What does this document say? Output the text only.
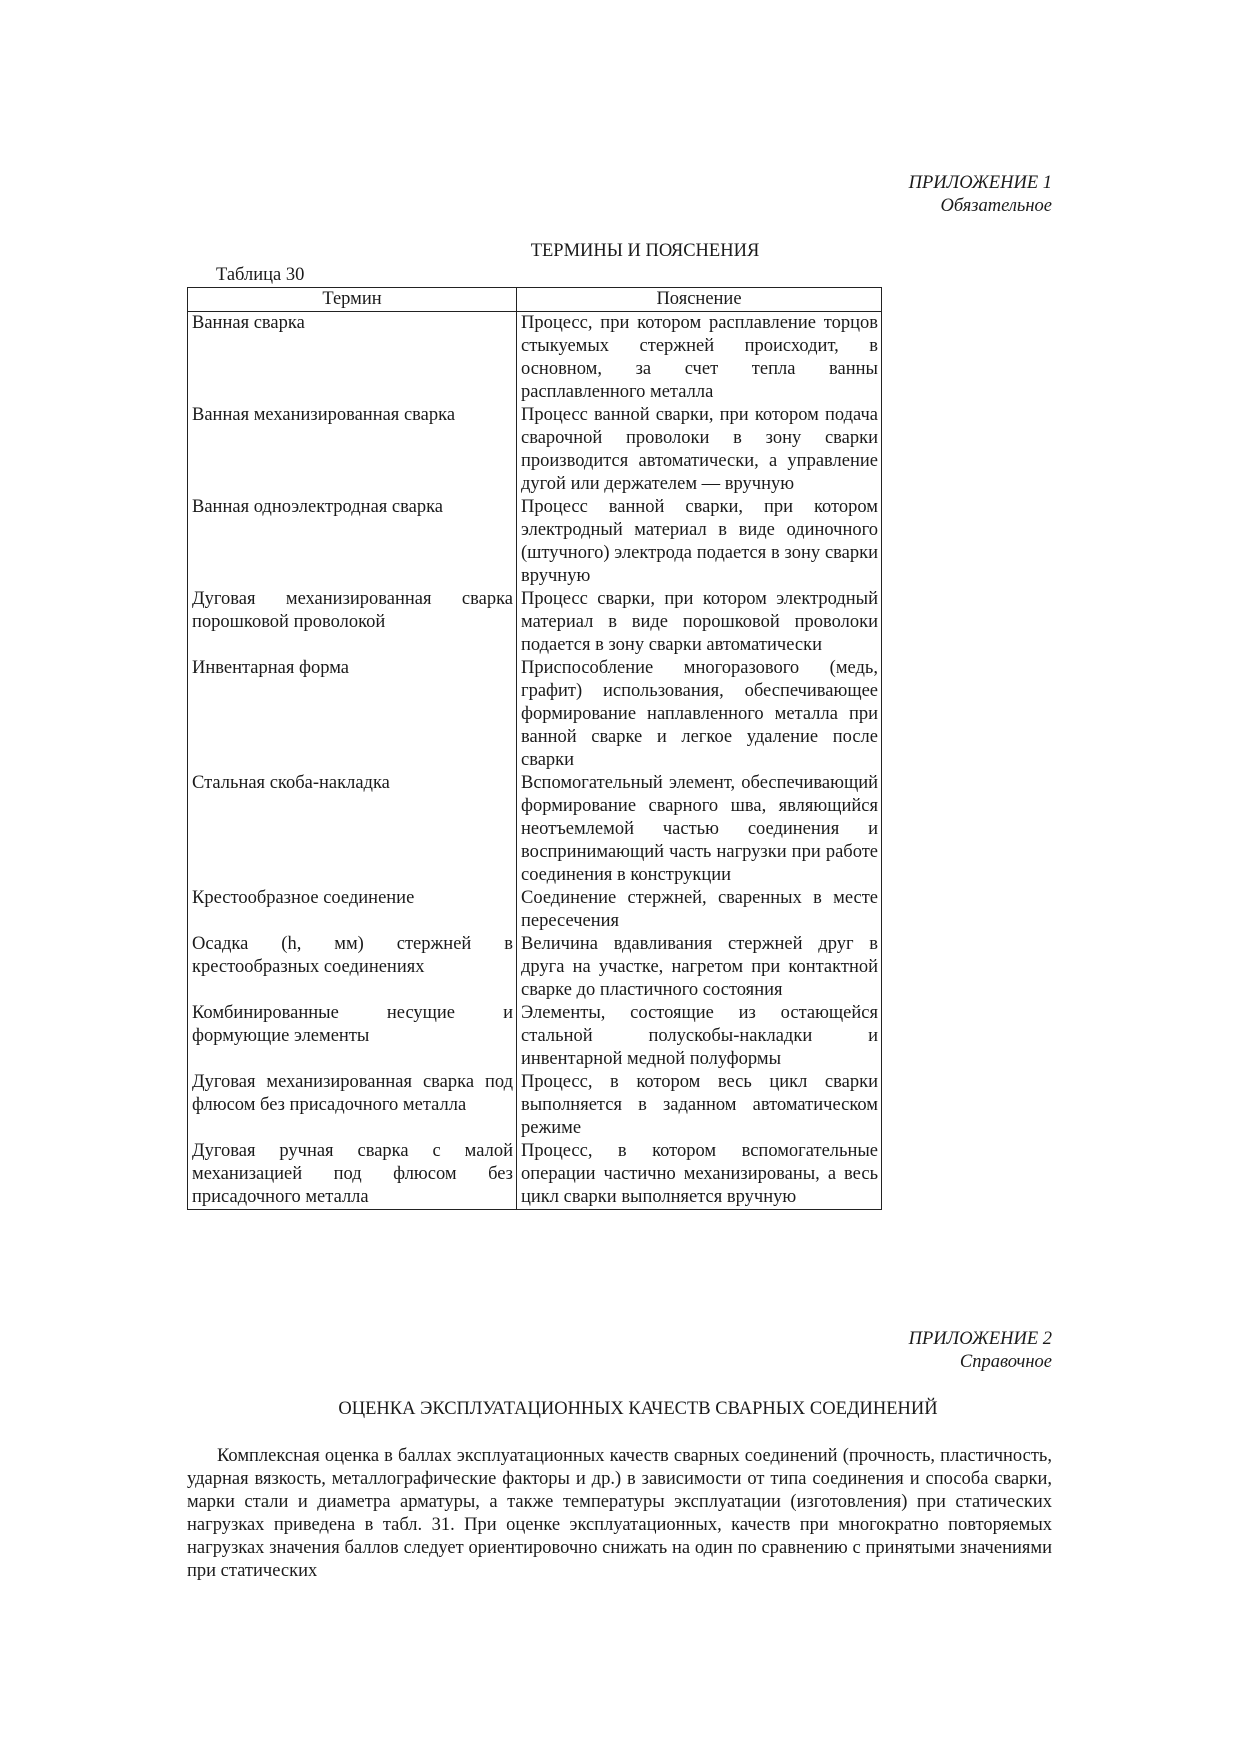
ПРИЛОЖЕНИЕ 1
Обязательное
ТЕРМИНЫ И ПОЯСНЕНИЯ
Таблица 30
Термин	Пояснение
Ванная сварка	Процесс, при котором расплавление торцов стыкуемых стержней происходит, в основном, за счет тепла ванны расплавленного металла
Ванная механизированная сварка	Процесс ванной сварки, при котором подача сварочной проволоки в зону сварки производится автоматически, а управление дугой или держателем — вручную
Ванная одноэлектродная сварка	Процесс ванной сварки, при котором электродный материал в виде одиночного (штучного) электрода подается в зону сварки вручную
Дуговая механизированная сварка порошковой проволокой	Процесс сварки, при котором электродный материал в виде порошковой проволоки подается в зону сварки автоматически
Инвентарная форма	Приспособление многоразового (медь, графит) использования, обеспечивающее формирование наплавленного металла при ванной сварке и легкое удаление после сварки
Стальная скоба-накладка	Вспомогательный элемент, обеспечивающий формирование сварного шва, являющийся неотъемлемой частью соединения и воспринимающий часть нагрузки при работе соединения в конструкции
Крестообразное соединение	Соединение стержней, сваренных в месте пересечения
Осадка (h, мм) стержней в крестообразных соединениях	Величина вдавливания стержней друг в друга на участке, нагретом при контактной сварке до пластичного состояния
Комбинированные несущие и формующие элементы	Элементы, состоящие из остающейся стальной полускобы-накладки и инвентарной медной полуформы
Дуговая механизированная сварка под флюсом без присадочного металла	Процесс, в котором весь цикл сварки выполняется в заданном автоматическом режиме
Дуговая ручная сварка с малой механизацией под флюсом без присадочного металла	Процесс, в котором вспомогательные операции частично механизированы, а весь цикл сварки выполняется вручную
ПРИЛОЖЕНИЕ 2
Справочное
ОЦЕНКА ЭКСПЛУАТАЦИОННЫХ КАЧЕСТВ СВАРНЫХ СОЕДИНЕНИЙ

Комплексная оценка в баллах эксплуатационных качеств сварных соединений (прочность, пластичность, ударная вязкость, металлографические факторы и др.) в зависимости от типа соединения и способа сварки, марки стали и диаметра арматуры, а также температуры эксплуатации (изготовления) при статических нагрузках приведена в табл. 31. При оценке эксплуатационных, качеств при многократно повторяемых нагрузках значения баллов следует ориентировочно снижать на один по сравнению с принятыми значениями при статических
